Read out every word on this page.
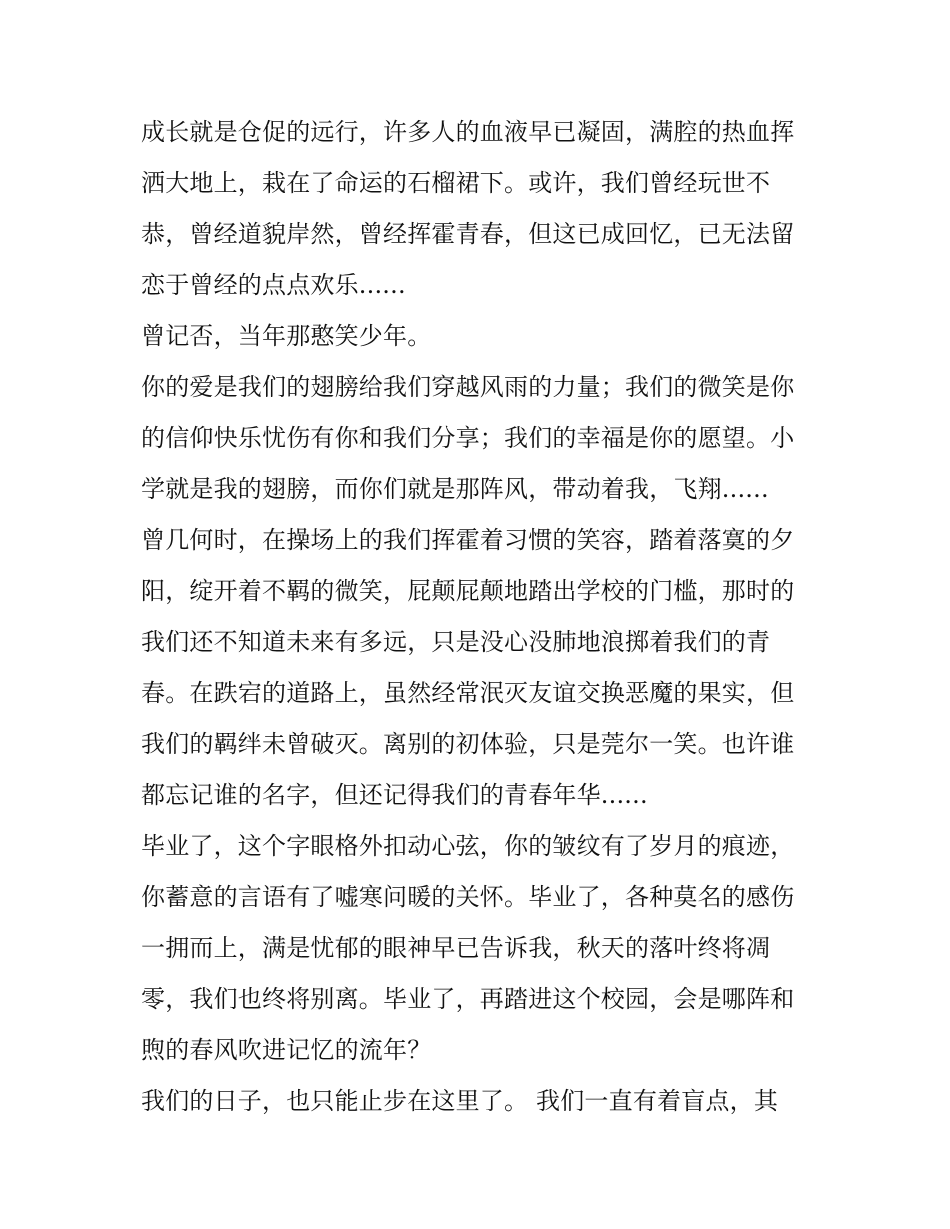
成长就是仓促的远行，许多人的血液早已凝固，满腔的热血挥
洒大地上，栽在了命运的石榴裙下。或许，我们曾经玩世不
恭，曾经道貌岸然，曾经挥霍青春，但这已成回忆，已无法留
恋于曾经的点点欢乐......
曾记否，当年那憨笑少年。
你的爱是我们的翅膀给我们穿越风雨的力量；我们的微笑是你
的信仰快乐忧伤有你和我们分享；我们的幸福是你的愿望。小
学就是我的翅膀，而你们就是那阵风，带动着我，飞翔......
曾几何时，在操场上的我们挥霍着习惯的笑容，踏着落寞的夕
阳，绽开着不羁的微笑，屁颠屁颠地踏出学校的门槛，那时的
我们还不知道未来有多远，只是没心没肺地浪掷着我们的青
春。在跌宕的道路上，虽然经常泯灭友谊交换恶魔的果实，但
我们的羁绊未曾破灭。离别的初体验，只是莞尔一笑。也许谁
都忘记谁的名字，但还记得我们的青春年华......
毕业了，这个字眼格外扣动心弦，你的皱纹有了岁月的痕迹，
你蓄意的言语有了嘘寒问暖的关怀。毕业了，各种莫名的感伤
一拥而上，满是忧郁的眼神早已告诉我，秋天的落叶终将凋
零，我们也终将别离。毕业了，再踏进这个校园，会是哪阵和
煦的春风吹进记忆的流年？
我们的日子，也只能止步在这里了。 我们一直有着盲点，其
